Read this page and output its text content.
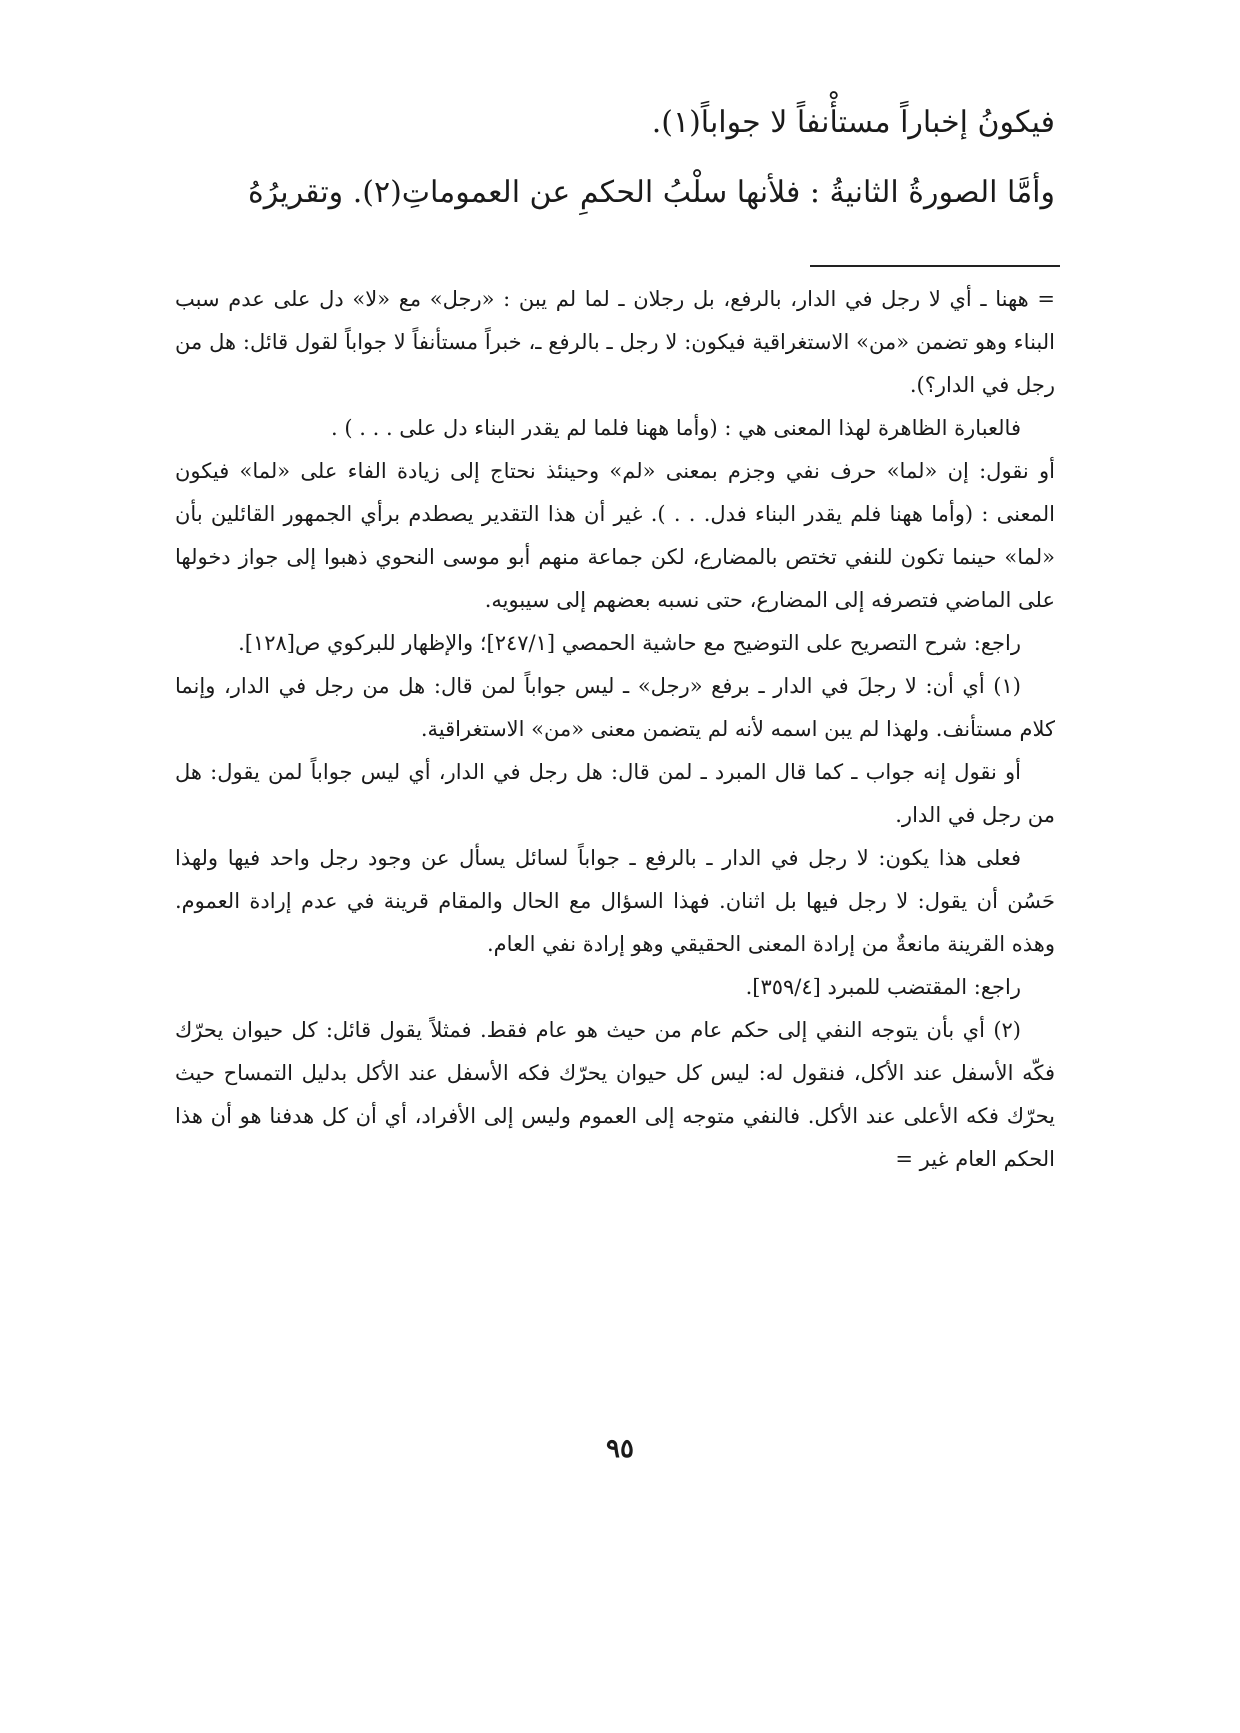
فيكونُ إخباراً مستأْنفاً لا جواباً(١).

وأمَّا الصورةُ الثانيةُ : فلأنها سلْبُ الحكمِ عن العموماتِ(٢). وتقريرُهُ

= ههنا ـ أي لا رجل في الدار، بالرفع، بل رجلان ـ لما لم يبن : «رجل» مع «لا» دل على عدم سبب البناء وهو تضمن «من» الاستغراقية فيكون: لا رجل ـ بالرفع ـ، خبراً مستأنفاً لا جواباً لقول قائل: هل من رجل في الدار؟).

فالعبارة الظاهرة لهذا المعنى هي : (وأما ههنا فلما لم يقدر البناء دل على . . . ) .

أو نقول: إن «لما» حرف نفي وجزم بمعنى «لم» وحينئذ نحتاج إلى زيادة الفاء على «لما» فيكون المعنى : (وأما ههنا فلم يقدر البناء فدل. . . ). غير أن هذا التقدير يصطدم برأي الجمهور القائلين بأن «لما» حينما تكون للنفي تختص بالمضارع، لكن جماعة منهم أبو موسى النحوي ذهبوا إلى جواز دخولها على الماضي فتصرفه إلى المضارع، حتى نسبه بعضهم إلى سيبويه.

راجع: شرح التصريح على التوضيح مع حاشية الحمصي [٢٤٧/١]؛ والإظهار للبركوي ص[١٢٨].

(١) أي أن: لا رجلَ في الدار ـ برفع «رجل» ـ ليس جواباً لمن قال: هل من رجل في الدار، وإنما كلام مستأنف. ولهذا لم يبن اسمه لأنه لم يتضمن معنى «من» الاستغراقية.

أو نقول إنه جواب ـ كما قال المبرد ـ لمن قال: هل رجل في الدار، أي ليس جواباً لمن يقول: هل من رجل في الدار.

فعلى هذا يكون: لا رجل في الدار ـ بالرفع ـ جواباً لسائل يسأل عن وجود رجل واحد فيها ولهذا حَسُن أن يقول: لا رجل فيها بل اثنان. فهذا السؤال مع الحال والمقام قرينة في عدم إرادة العموم. وهذه القرينة مانعةٌ من إرادة المعنى الحقيقي وهو إرادة نفي العام.

راجع: المقتضب للمبرد [٣٥٩/٤].

(٢) أي بأن يتوجه النفي إلى حكم عام من حيث هو عام فقط. فمثلاً يقول قائل: كل حيوان يحرّك فكّه الأسفل عند الأكل، فنقول له: ليس كل حيوان يحرّك فكه الأسفل عند الأكل بدليل التمساح حيث يحرّك فكه الأعلى عند الأكل. فالنفي متوجه إلى العموم وليس إلى الأفراد، أي أن كل هدفنا هو أن هذا الحكم العام غير =

٩٥
